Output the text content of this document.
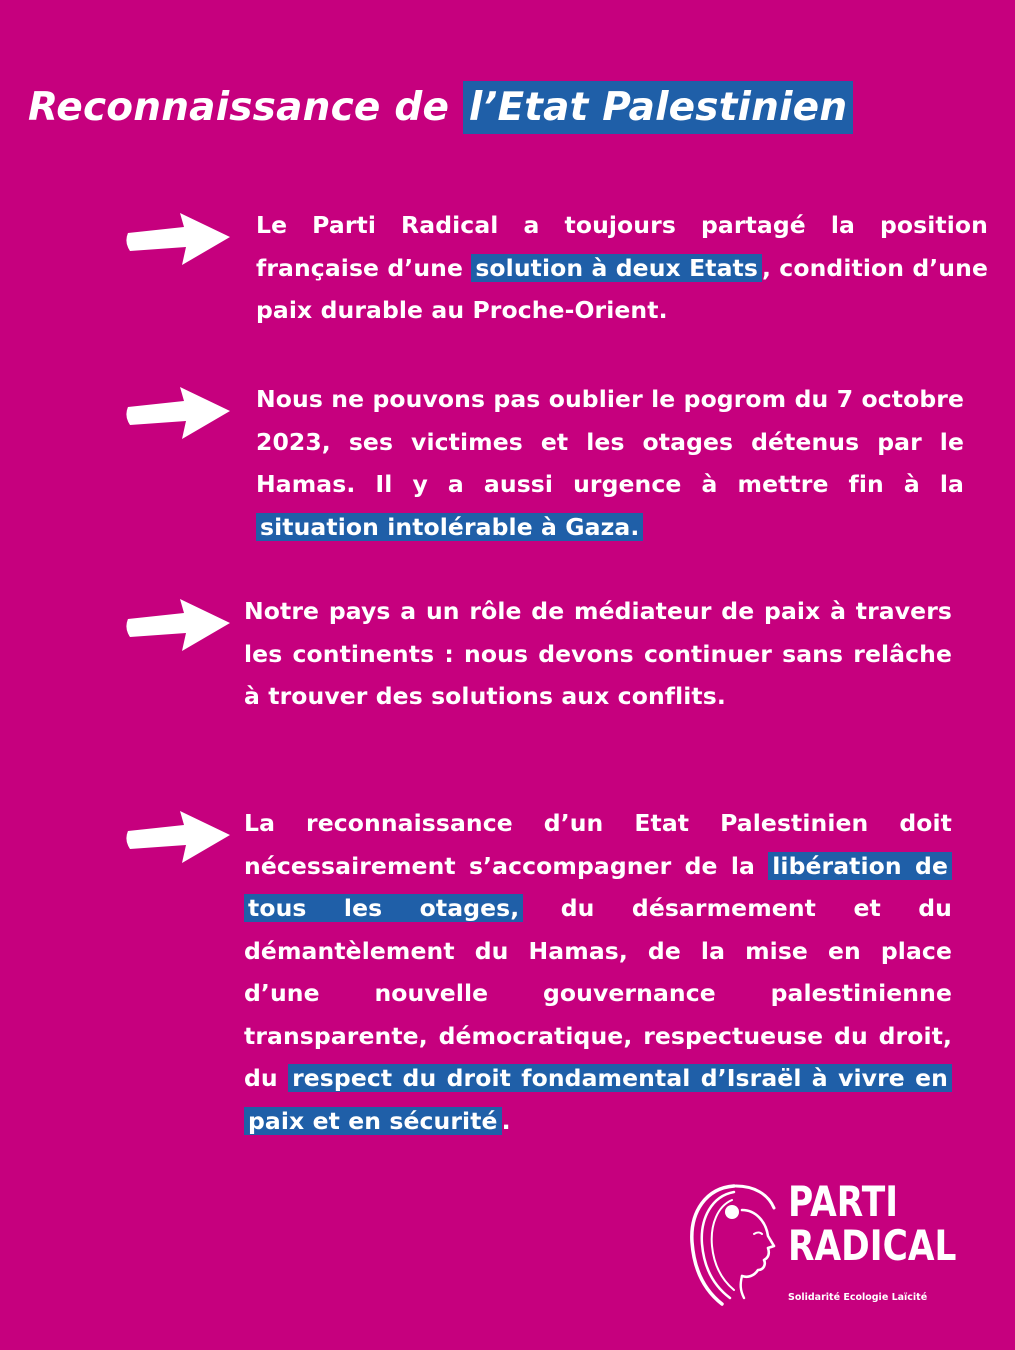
Reconnaissance de l’Etat Palestinien

Le Parti Radical a toujours partagé la position française d’une solution à deux Etats , condition d’une paix durable au Proche-Orient.

Nous ne pouvons pas oublier le pogrom du 7 octobre 2023, ses victimes et les otages détenus par le Hamas. Il y a aussi urgence à mettre fin à la situation intolérable à Gaza.

Notre pays a un rôle de médiateur de paix à travers les continents : nous devons continuer sans relâche à trouver des solutions aux conflits.

La reconnaissance d’un Etat Palestinien doit nécessairement s’accompagner de la libération de tous les otages, du désarmement et du démantèlement du Hamas, de la mise en place d’une nouvelle gouvernance palestinienne transparente, démocratique, respectueuse du droit, du respect du droit fondamental d’Israël à vivre en paix et en sécurité .

PARTI
RADICAL
Solidarité Ecologie Laïcité
